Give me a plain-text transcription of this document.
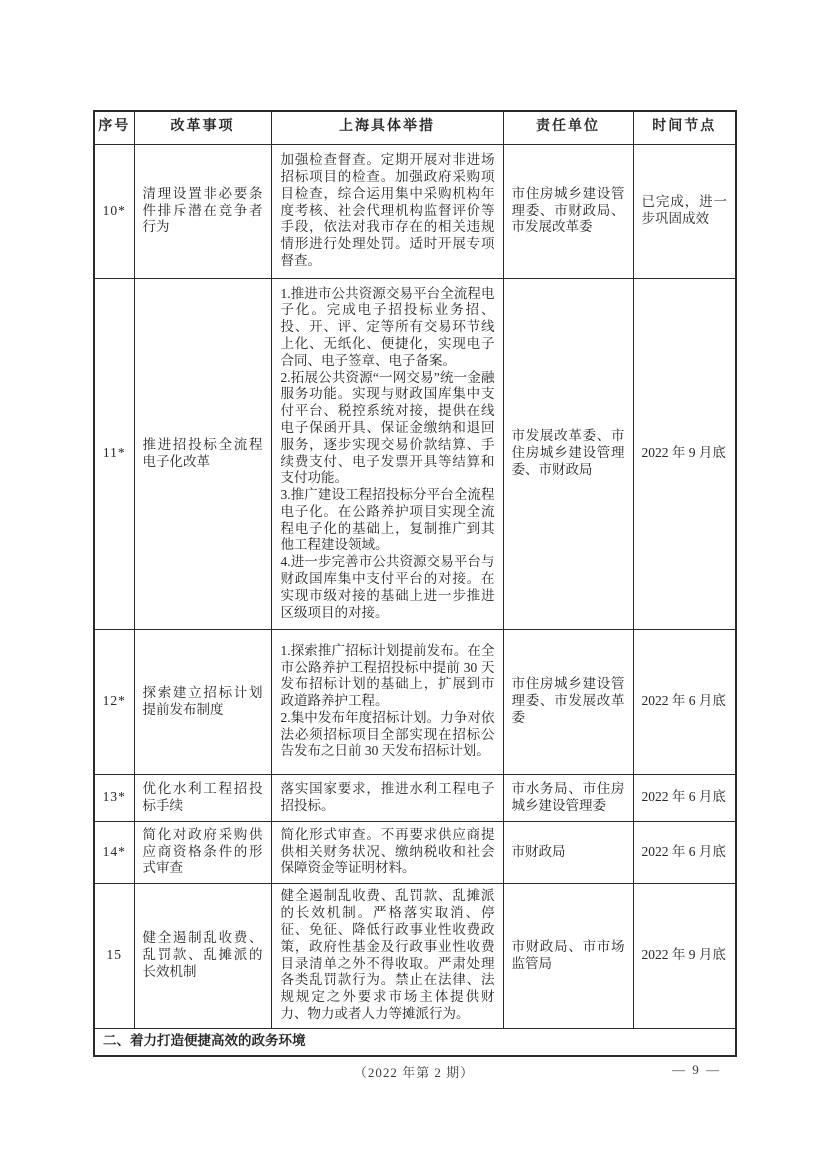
序号	改革事项	上海具体举措	责任单位	时间节点
10*	清理设置非必要条件排斥潜在竞争者行为	加强检查督查。定期开展对非进场招标项目的检查。加强政府采购项目检查，综合运用集中采购机构年度考核、社会代理机构监督评价等手段，依法对我市存在的相关违规情形进行处理处罚。适时开展专项督查。	市住房城乡建设管理委、市财政局、市发展改革委	已完成，进一步巩固成效
11*	推进招投标全流程电子化改革	1.推进市公共资源交易平台全流程电子化。完成电子招投标业务招、投、开、评、定等所有交易环节线上化、无纸化、便捷化，实现电子合同、电子签章、电子备案。
2.拓展公共资源“一网交易”统一金融服务功能。实现与财政国库集中支付平台、税控系统对接，提供在线电子保函开具、保证金缴纳和退回服务，逐步实现交易价款结算、手续费支付、电子发票开具等结算和支付功能。
3.推广建设工程招投标分平台全流程电子化。在公路养护项目实现全流程电子化的基础上，复制推广到其他工程建设领域。
4.进一步完善市公共资源交易平台与财政国库集中支付平台的对接。在实现市级对接的基础上进一步推进区级项目的对接。	市发展改革委、市住房城乡建设管理委、市财政局	2022 年 9 月底
12*	探索建立招标计划提前发布制度	1.探索推广招标计划提前发布。在全市公路养护工程招投标中提前 30 天发布招标计划的基础上，扩展到市政道路养护工程。
2.集中发布年度招标计划。力争对依法必须招标项目全部实现在招标公告发布之日前 30 天发布招标计划。	市住房城乡建设管理委、市发展改革委	2022 年 6 月底
13*	优化水利工程招投标手续	落实国家要求，推进水利工程电子招投标。	市水务局、市住房城乡建设管理委	2022 年 6 月底
14*	简化对政府采购供应商资格条件的形式审查	简化形式审查。不再要求供应商提供相关财务状况、缴纳税收和社会保障资金等证明材料。	市财政局	2022 年 6 月底
15	健全遏制乱收费、乱罚款、乱摊派的长效机制	健全遏制乱收费、乱罚款、乱摊派的长效机制。严格落实取消、停征、免征、降低行政事业性收费政策，政府性基金及行政事业性收费目录清单之外不得收取。严肃处理各类乱罚款行为。禁止在法律、法规规定之外要求市场主体提供财力、物力或者人力等摊派行为。	市财政局、市市场监管局	2022 年 9 月底
二、着力打造便捷高效的政务环境				
（2022 年第 2 期）	— 9 —
